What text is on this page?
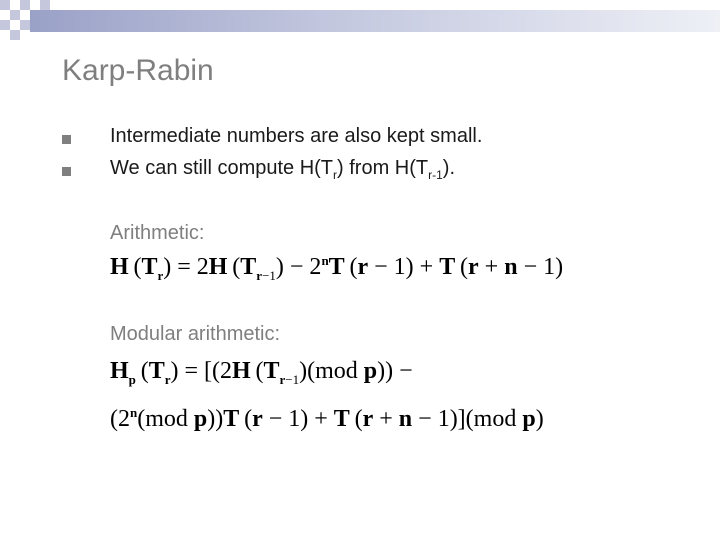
Karp-Rabin
Intermediate numbers are also kept small.
We can still compute $H(T_r)$ from $H(T_{r-1})$.
Arithmetic:
H $(T_r) = 2H$ $(T_{r-1}) - 2^nT$ (r − 1) + T (r + n − 1)
Modular arithmetic:
$H_p$ $(T_r) = [(2H$ $(T_{r-1})(mod$ p)) −
($2^n(mod$ p))T (r − 1) + T (r + n − 1)](mod p)
